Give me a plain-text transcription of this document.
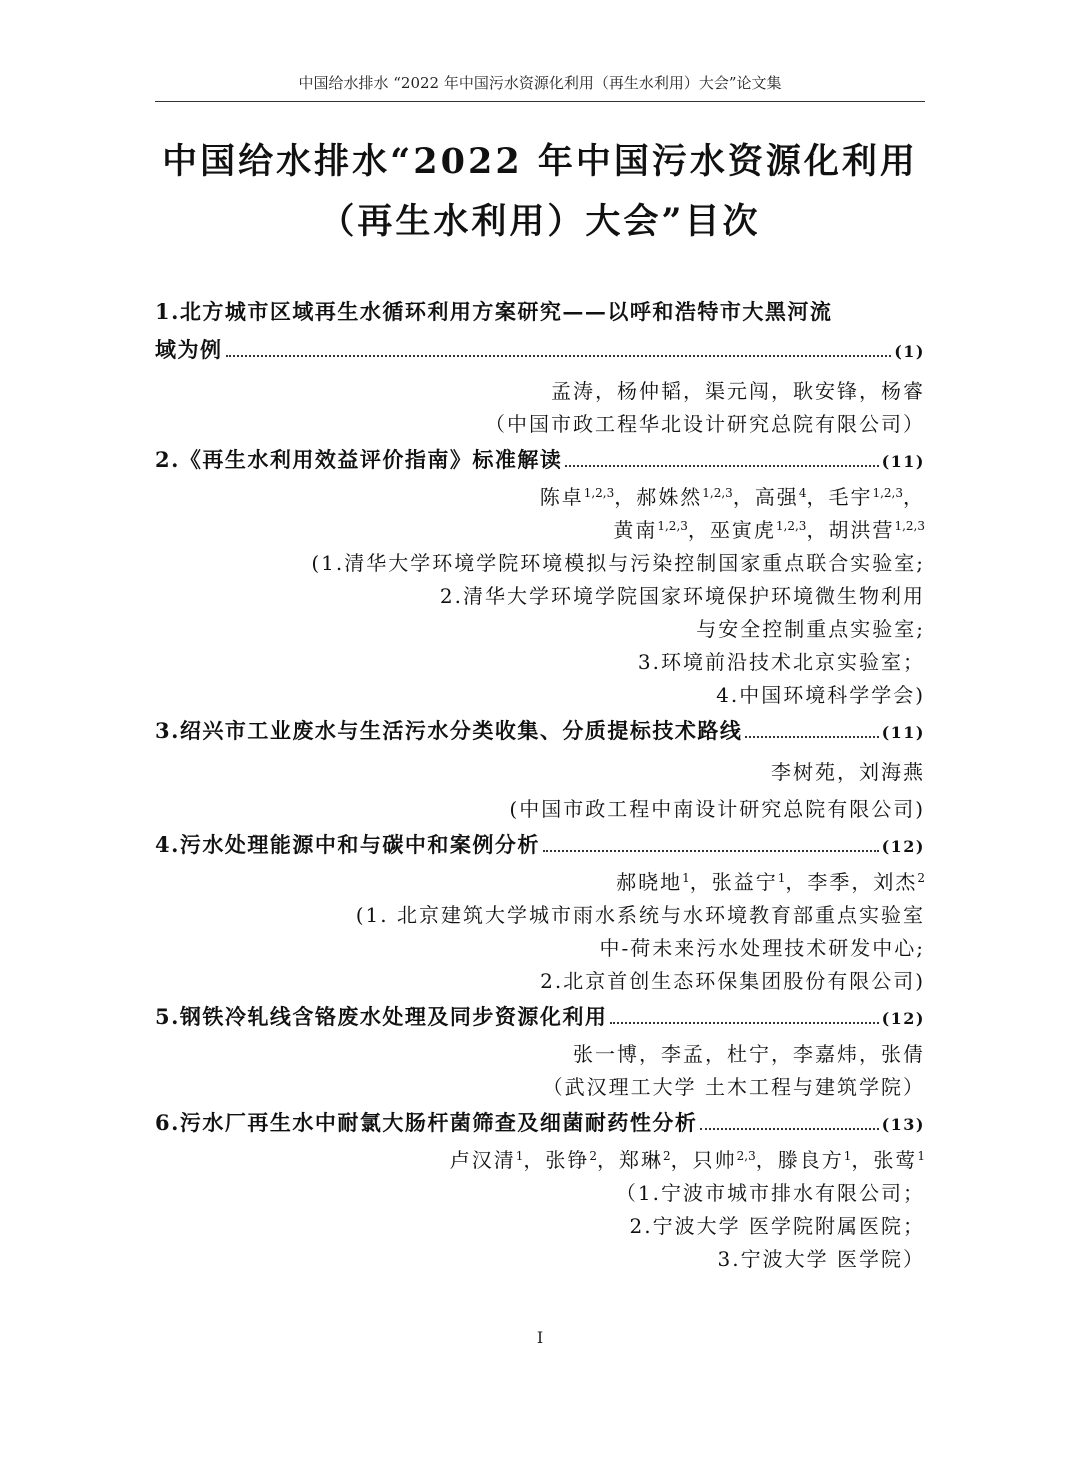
中国给水排水 “2022 年中国污水资源化利用（再生水利用）大会”论文集
中国给水排水“2022 年中国污水资源化利用
（再生水利用）大会”目次
1.北方城市区域再生水循环利用方案研究——以呼和浩特市大黑河流
域为例	(1)

孟涛，杨仲韬，渠元闯，耿安锋，杨睿

（中国市政工程华北设计研究总院有限公司）

2.《再生水利用效益评价指南》标准解读	(11)

陈卓$^{1,2,3}$，郝姝然$^{1,2,3}$，高强$^4$，毛宇$^{1,2,3}$，

黄南$^{1,2,3}$，巫寅虎$^{1,2,3}$，胡洪营$^{1,2,3}$

(1.清华大学环境学院环境模拟与污染控制国家重点联合实验室;

2.清华大学环境学院国家环境保护环境微生物利用

与安全控制重点实验室;

3.环境前沿技术北京实验室；

4.中国环境科学学会)

3.绍兴市工业废水与生活污水分类收集、分质提标技术路线	(11)

李树苑，刘海燕

(中国市政工程中南设计研究总院有限公司)

4.污水处理能源中和与碳中和案例分析	(12)

郝晓地$^1$，张益宁$^1$，李季，刘杰$^2$

(1. 北京建筑大学城市雨水系统与水环境教育部重点实验室

中-荷未来污水处理技术研发中心;

2.北京首创生态环保集团股份有限公司)

5.钢铁冷轧线含铬废水处理及同步资源化利用	(12)

张一博，李孟，杜宁，李嘉炜，张倩

（武汉理工大学 土木工程与建筑学院）

6.污水厂再生水中耐氯大肠杆菌筛查及细菌耐药性分析	(13)

卢汉清$^1$，张铮$^2$，郑琳$^2$，只帅$^{2,3}$，滕良方$^1$，张莺$^1$

（1.宁波市城市排水有限公司；

2.宁波大学 医学院附属医院；

3.宁波大学 医学院）

I
